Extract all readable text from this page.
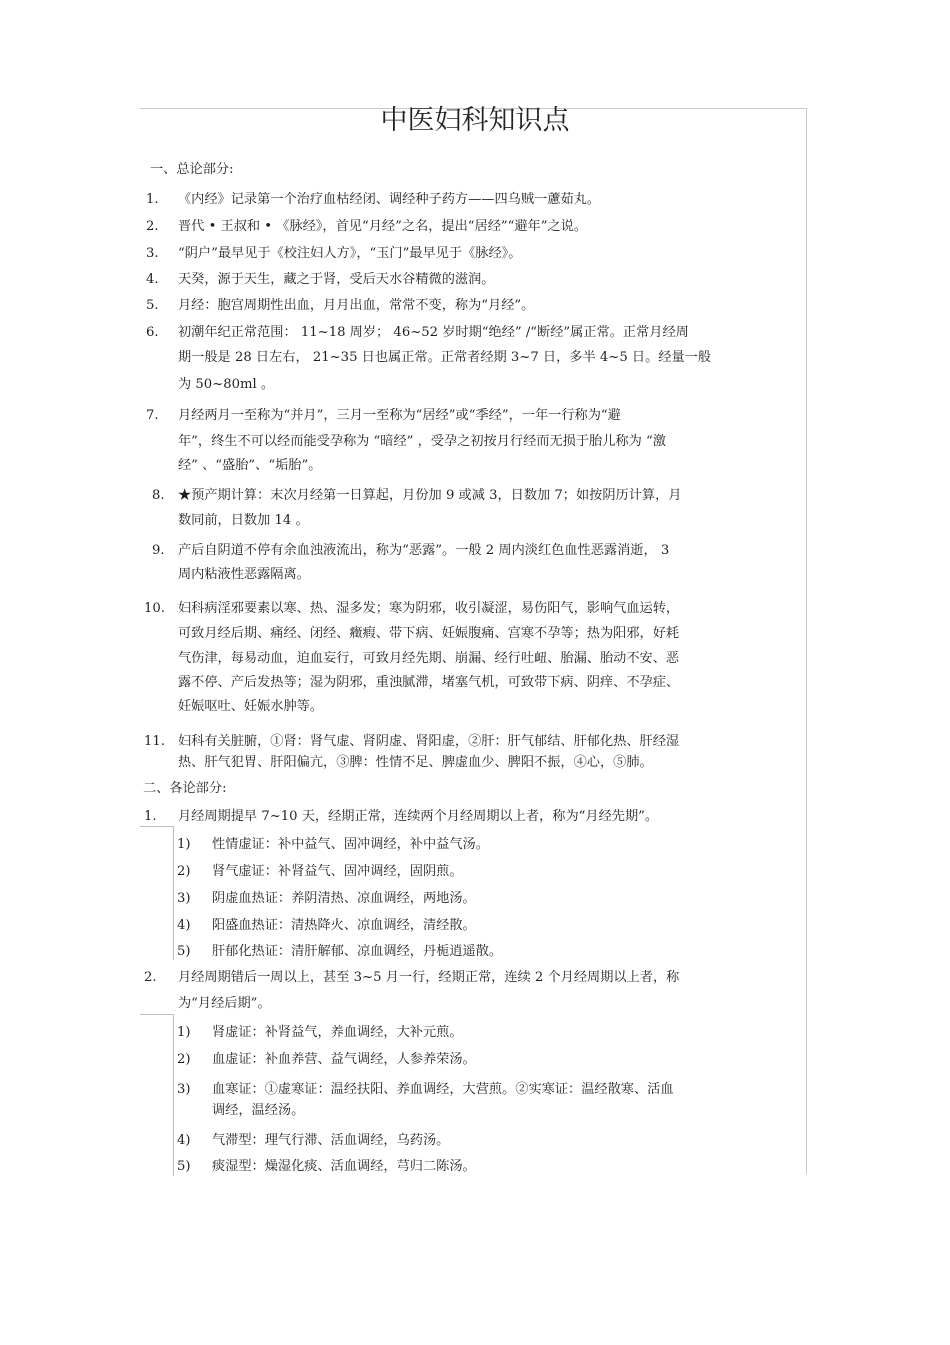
中医妇科知识点
一、总论部分:
1. 《内经》记录第一个治疗血枯经闭、调经种子药方——四乌贼一藘茹丸。
2. 晋代 • 王叔和 • 《脉经》，首见“月经”之名，提出“居经”“避年”之说。
3. “阴户”最早见于《校注妇人方》，“玉门”最早见于《脉经》。
4. 天癸，源于天生，藏之于肾，受后天水谷精微的滋润。
5. 月经：胞宫周期性出血，月月出血，常常不变，称为“月经”。
6. 初潮年纪正常范围： 11~18 周岁； 46~52 岁时期“绝经” /“断经”属正常。正常月经周
期一般是 28 日左右， 21~35 日也属正常。正常者经期 3~7 日，多半 4~5 日。经量一般
为 50~80ml 。
7. 月经两月一至称为“并月”，三月一至称为“居经”或“季经”，一年一行称为“避
年”，终生不可以经而能受孕称为 “暗经” ，受孕之初按月行经而无损于胎儿称为 “激
经” 、“盛胎”、“垢胎”。
8. ★预产期计算：末次月经第一日算起，月份加 9 或减 3，日数加 7；如按阴历计算，月
数同前，日数加 14 。
9. 产后自阴道不停有余血浊液流出，称为“恶露”。一般 2 周内淡红色血性恶露消逝， 3
周内粘液性恶露隔离。
10. 妇科病淫邪要素以寒、热、湿多发；寒为阴邪，收引凝涩，易伤阳气，影响气血运转，
可致月经后期、痛经、闭经、癥瘕、带下病、妊娠腹痛、宫寒不孕等；热为阳邪，好耗
气伤津，每易动血，迫血妄行，可致月经先期、崩漏、经行吐衄、胎漏、胎动不安、恶
露不停、产后发热等；湿为阴邪，重浊腻滞，堵塞气机，可致带下病、阴痒、不孕症、
妊娠呕吐、妊娠水肿等。
11. 妇科有关脏腑，①肾：肾气虚、肾阴虚、肾阳虚，②肝：肝气郁结、肝郁化热、肝经湿
热、肝气犯胃、肝阳偏亢，③脾：性情不足、脾虚血少、脾阳不振，④心，⑤肺。
二、各论部分:
1. 月经周期提早 7~10 天，经期正常，连续两个月经周期以上者，称为“月经先期”。
1) 性情虚证：补中益气、固冲调经，补中益气汤。
2) 肾气虚证：补肾益气、固冲调经，固阴煎。
3) 阴虚血热证：养阴清热、凉血调经，两地汤。
4) 阳盛血热证：清热降火、凉血调经，清经散。
5) 肝郁化热证：清肝解郁、凉血调经，丹栀逍遥散。
2. 月经周期错后一周以上，甚至 3~5 月一行，经期正常，连续 2 个月经周期以上者，称
为“月经后期”。
1) 肾虚证：补肾益气，养血调经，大补元煎。
2) 血虚证：补血养营、益气调经，人参养荣汤。
3) 血寒证：①虚寒证：温经扶阳、养血调经，大营煎。②实寒证：温经散寒、活血
调经，温经汤。
4) 气滞型：理气行滞、活血调经，乌药汤。
5) 痰湿型：燥湿化痰、活血调经，芎归二陈汤。
